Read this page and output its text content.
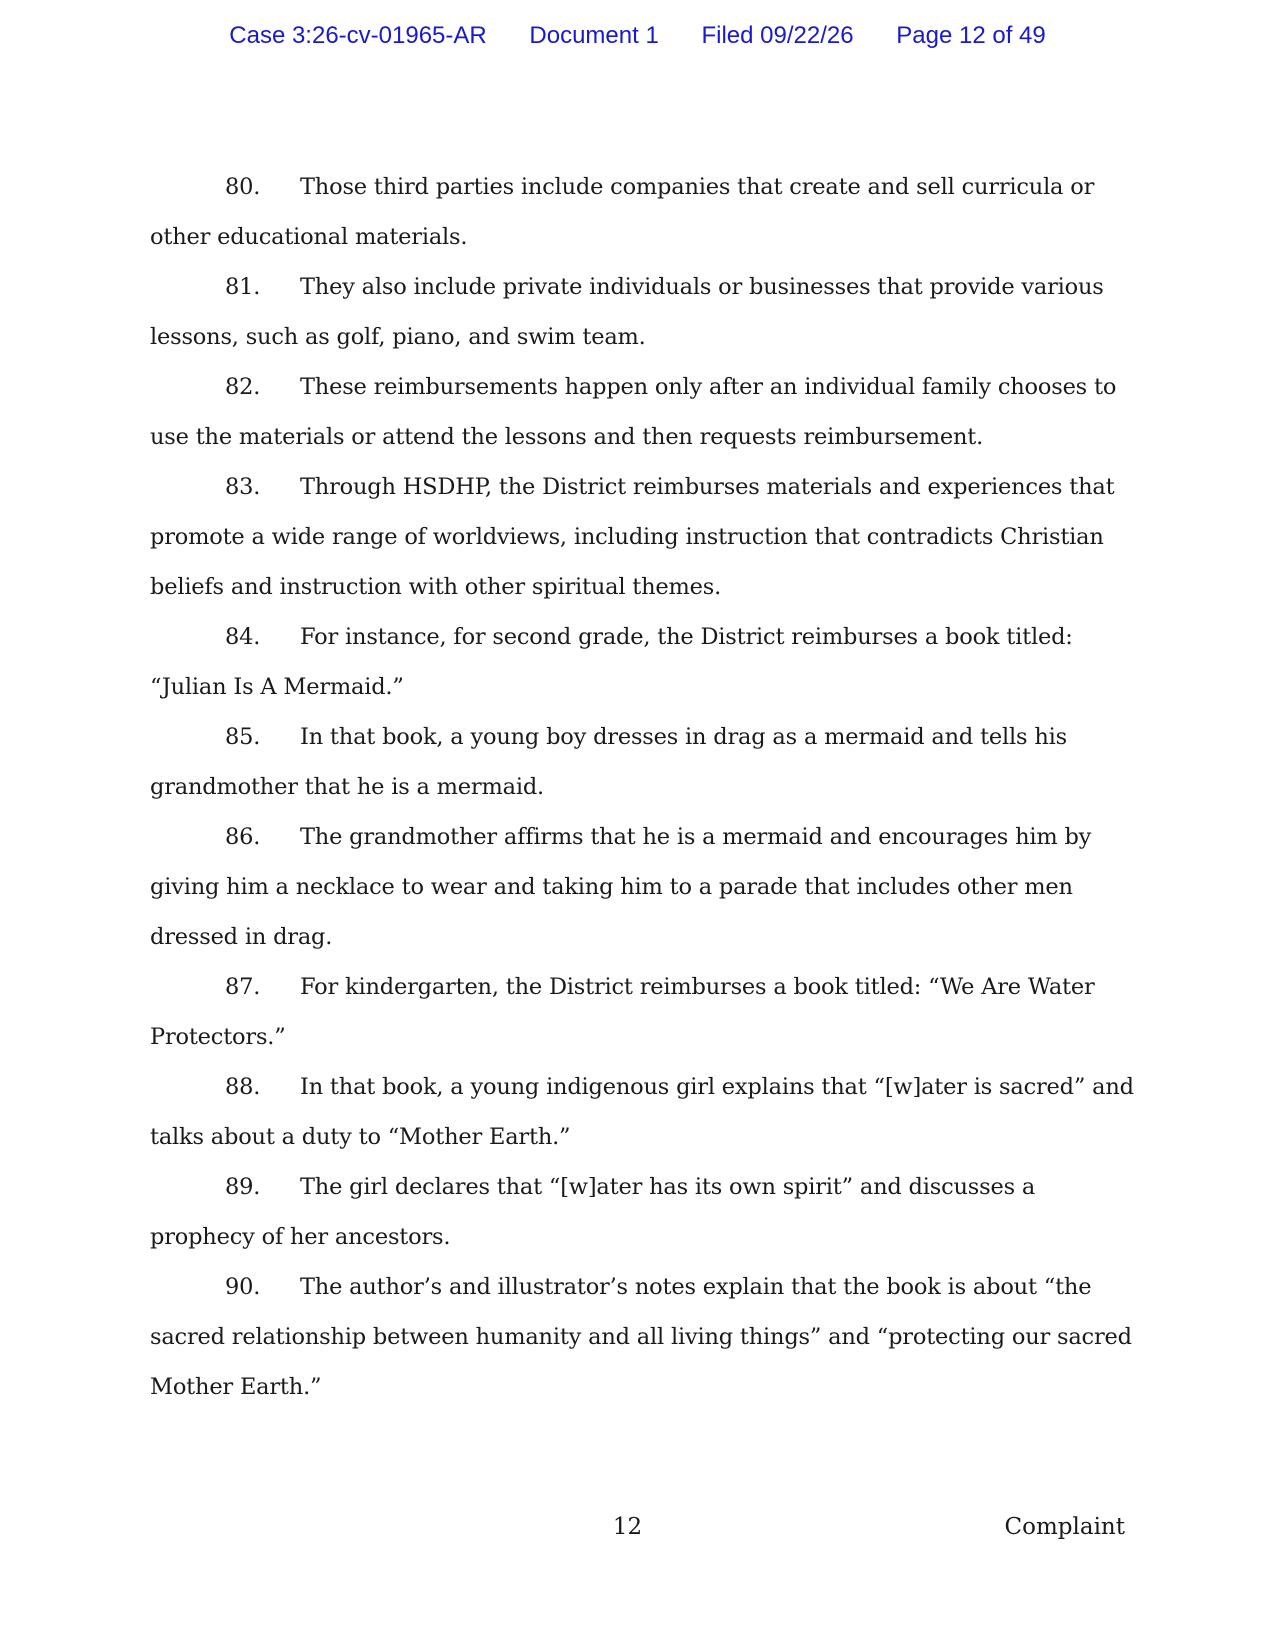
Case 3:26-cv-01965-AR Document 1 Filed 09/22/26 Page 12 of 49

80. Those third parties include companies that create and sell curricula or other educational materials.

81. They also include private individuals or businesses that provide various lessons, such as golf, piano, and swim team.

82. These reimbursements happen only after an individual family chooses to use the materials or attend the lessons and then requests reimbursement.

83. Through HSDHP, the District reimburses materials and experiences that promote a wide range of worldviews, including instruction that contradicts Christian beliefs and instruction with other spiritual themes.

84. For instance, for second grade, the District reimburses a book titled: “Julian Is A Mermaid.”

85. In that book, a young boy dresses in drag as a mermaid and tells his grandmother that he is a mermaid.

86. The grandmother affirms that he is a mermaid and encourages him by giving him a necklace to wear and taking him to a parade that includes other men dressed in drag.

87. For kindergarten, the District reimburses a book titled: “We Are Water Protectors.”

88. In that book, a young indigenous girl explains that “[w]ater is sacred” and talks about a duty to “Mother Earth.”

89. The girl declares that “[w]ater has its own spirit” and discusses a prophecy of her ancestors.

90. The author’s and illustrator’s notes explain that the book is about “the sacred relationship between humanity and all living things” and “protecting our sacred Mother Earth.”

12	Complaint
